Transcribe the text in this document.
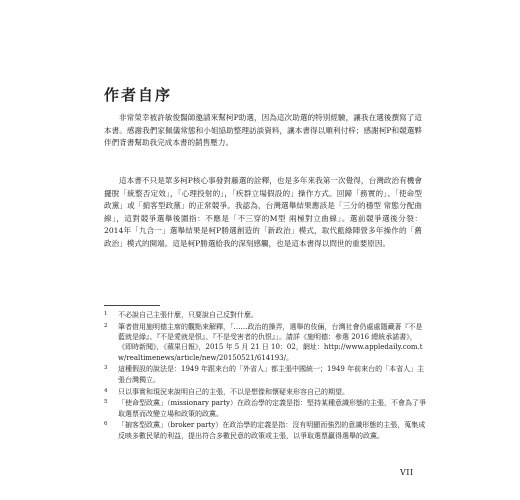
作者自序

非常榮幸被許敏俊醫師邀請來幫柯P助選，因為這次助選的特別經驗，讓我在選後撰寫了這本書。感謝我們家佩儀常態和小姐協助整理訪談資料，讓本書得以順利付梓；感謝柯P和競選夥伴們背書幫助我完成本書的銷售壓力。

這本書不只是眾多柯P核心事發對藤選的詮釋，也是多年來我第一次覺得，台灣政治有機會擺脫「統整否定效」，「心理投射的」，「疾群立場假設的」操作方式。回歸「務實的」、「使命型政黨」或「掮客型政黨」的正常競爭。我認為，台灣選舉結果應該是「三分的穩型 常態分配曲線」，這對競爭選舉後圍指：不應是「不三穿的M型 兩極對立曲線」。選前競爭選後分裂：2014年「九合一」選舉結果是柯P勝選創造的「新政治」模式，取代藍綠陣營多年操作的「舊政治」模式的開端。這是柯P勝選給我的深刻感觸，也是這本書得以問世的重要原因。

1 不必說自己主張什麼，只要說自己反對什麼。
2 筆者借用施明德主席的觀點來解釋，「……政治的操弄，選舉的伎倆，台灣社會仍處處隱藏著『不是藍就是綠』、『不是愛就是恨』、『不是受害者的仇恨』」。請詳《施明德：參選 2016 總統承諾書》，《即時新聞》，《蘋果日報》，2015 年 5 月 21 日 10：02，網址：http://www.appledaily.com.tw/realtimenews/article/new/20150521/614193/。
3 這種假設的說法是：1949 年跟來台的「外省人」都主張中國統一；1949 年前來台的「本省人」主張台灣獨立。
4 只以事實和現況來說明自己的主張，不以是想像和懷疑來形容自己的期望。
5 「使命型政黨」（missionary party）在政治學的定義是指：堅持某種意識形態的主張，不會為了爭取選票而改變立場和政策的政黨。
6 「掮客型政黨」（broker party）在政治學的定義是指：沒有明顯而強烈的意識形態的主張，蒐集成反映多數民眾的利益，提出符合多數民意的政策或主張，以爭取選票贏得選舉的政黨。
VII
